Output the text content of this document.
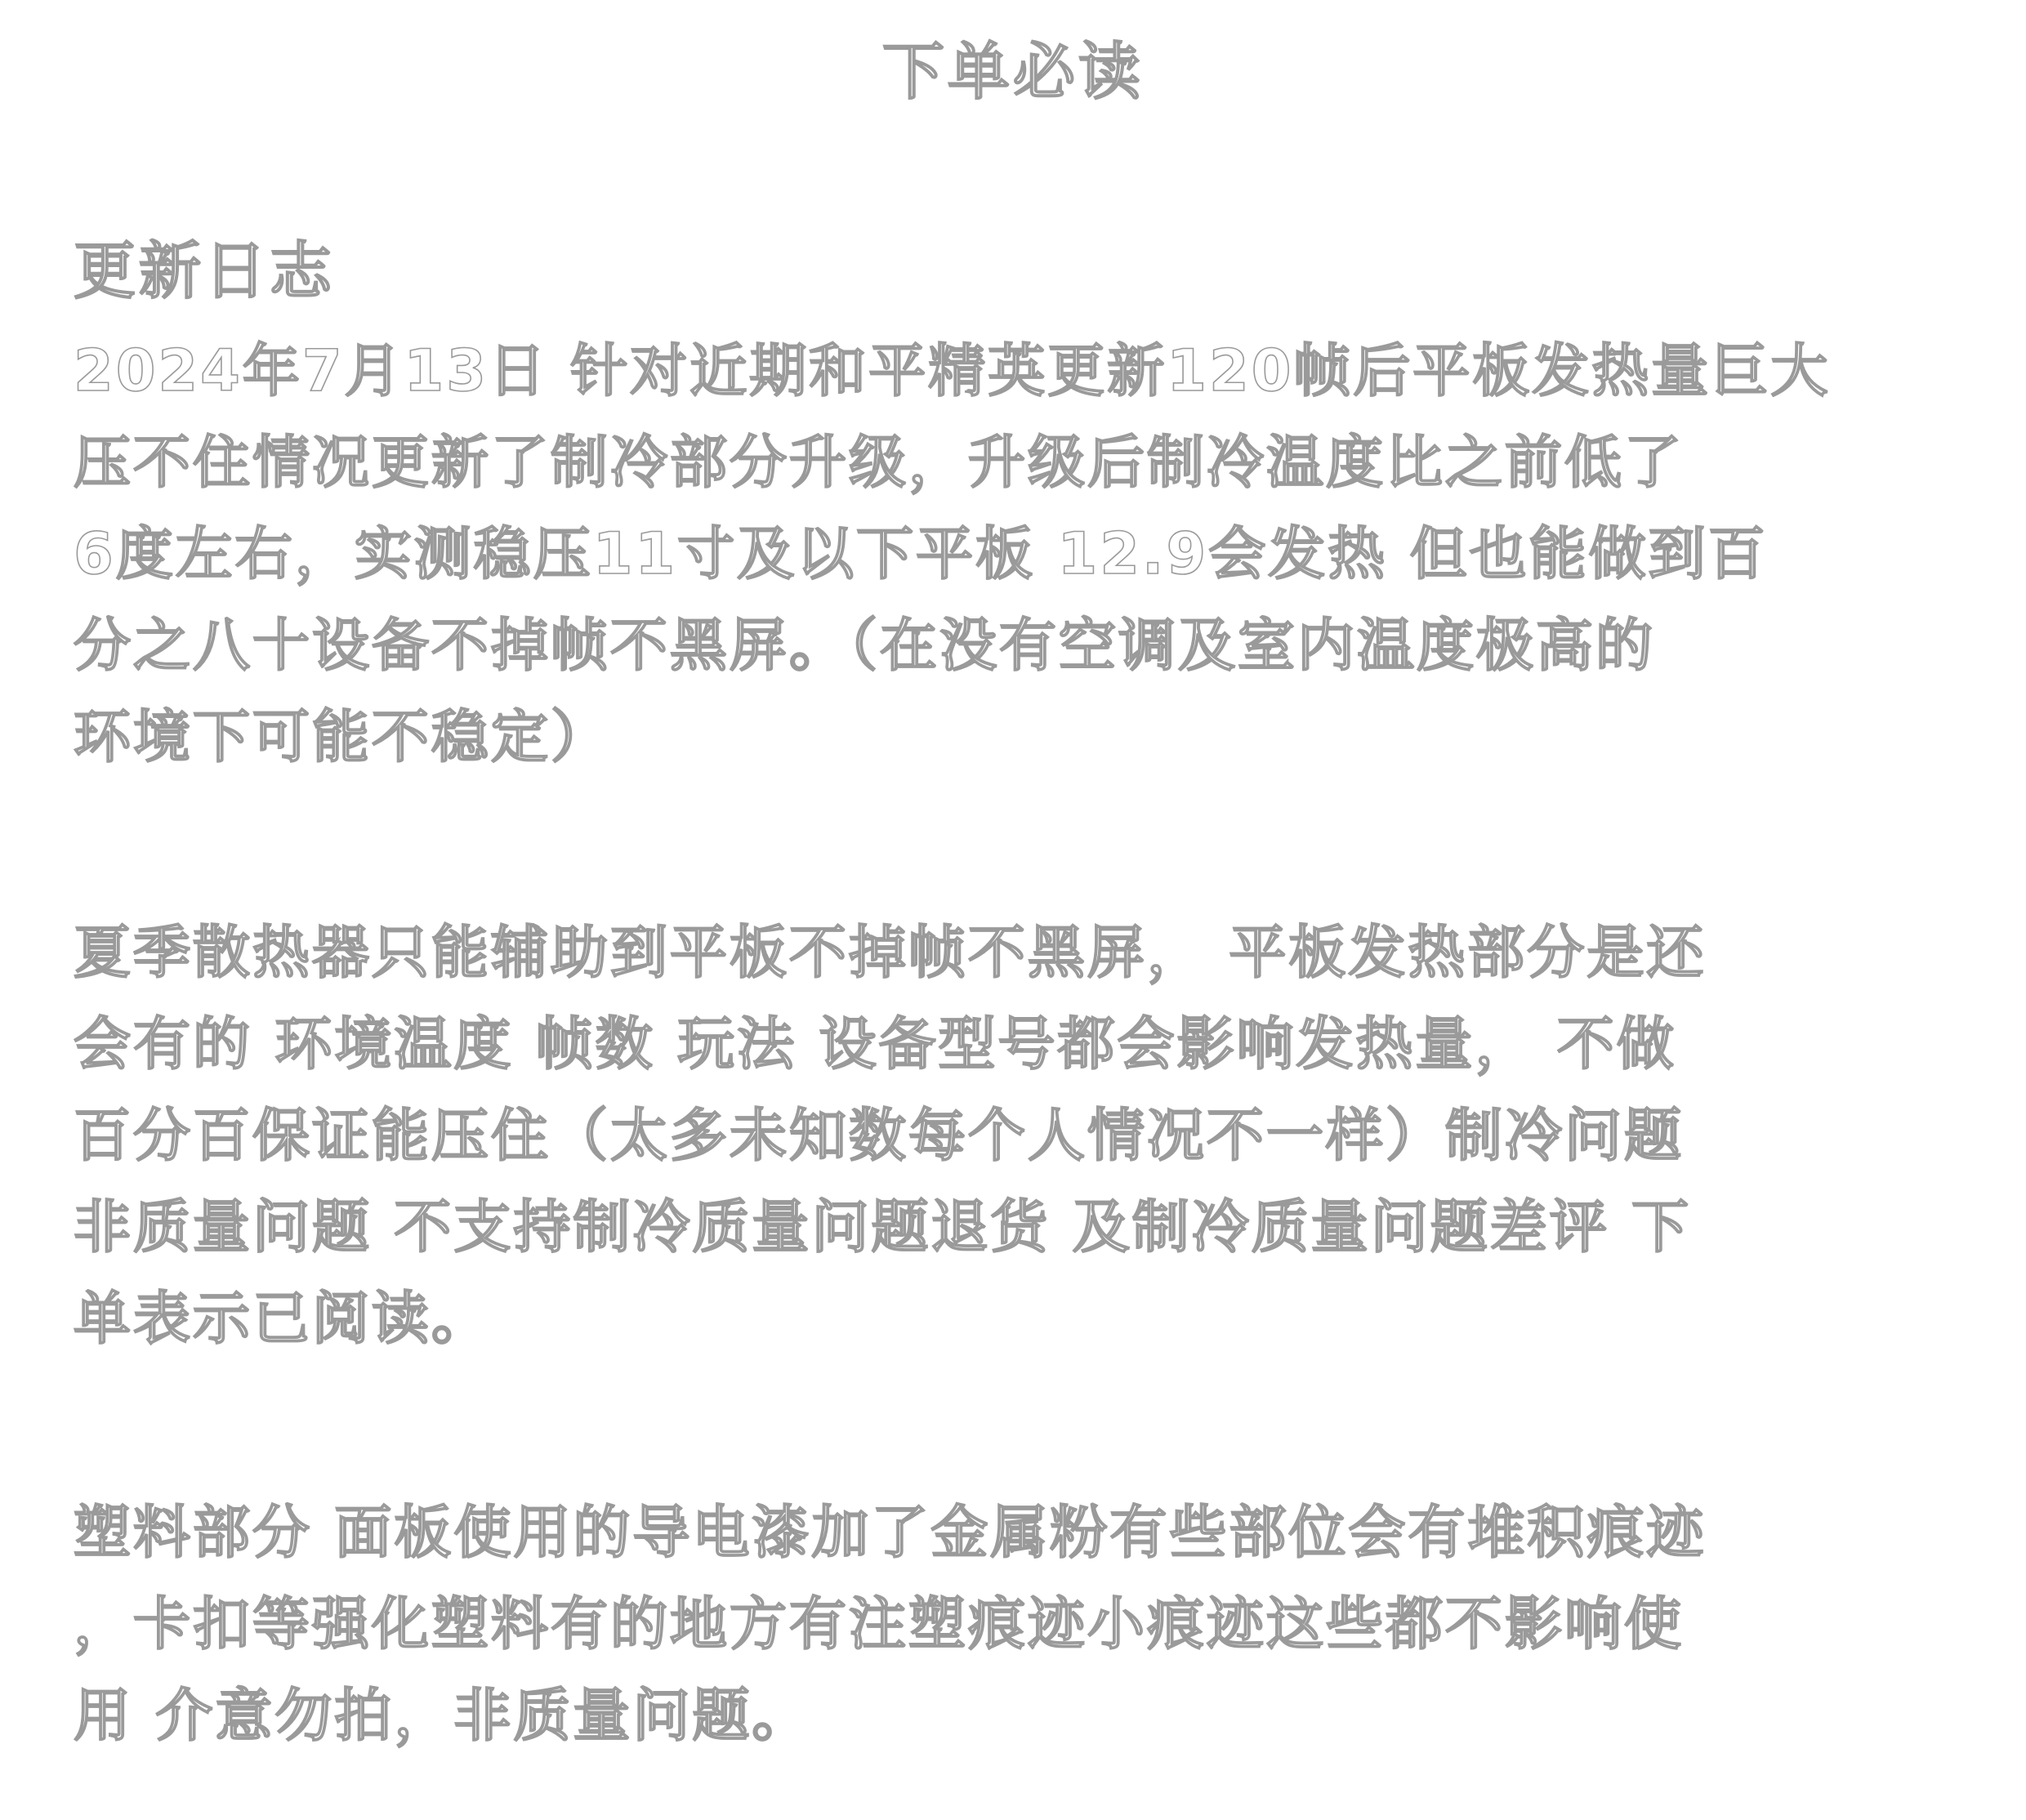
下单必读
更新日志
2024年7月13日 针对近期和平精英更新120帧后平板发热量巨大
压不住情况更新了制冷部分升级，升级后制冷温度比之前低了
6度左右，实测稳压11寸及以下平板 12.9会发热 但也能做到百
分之八十设备不掉帧不黑屏。（在没有空调及室内温度极高的
环境下可能不稳定）
夏季散热器只能辅助到平板不掉帧不黑屏， 平板发热部分是还
会有的 环境温度 帧数 玩法 设备型号都会影响发热量， 不做
百分百保证能压住（太多未知数每个人情况不一样）制冷问题
非质量问题 不支持制冷质量问题退货 及制冷质量问题差评 下
单表示已阅读。
塑料部分 面板使用的导电漆加了金属粉有些部位会有堆积痕迹
，卡扣等强化塑料有的地方有注塑痕迹小痕迹这些都不影响使
用 介意勿拍，非质量问题。
